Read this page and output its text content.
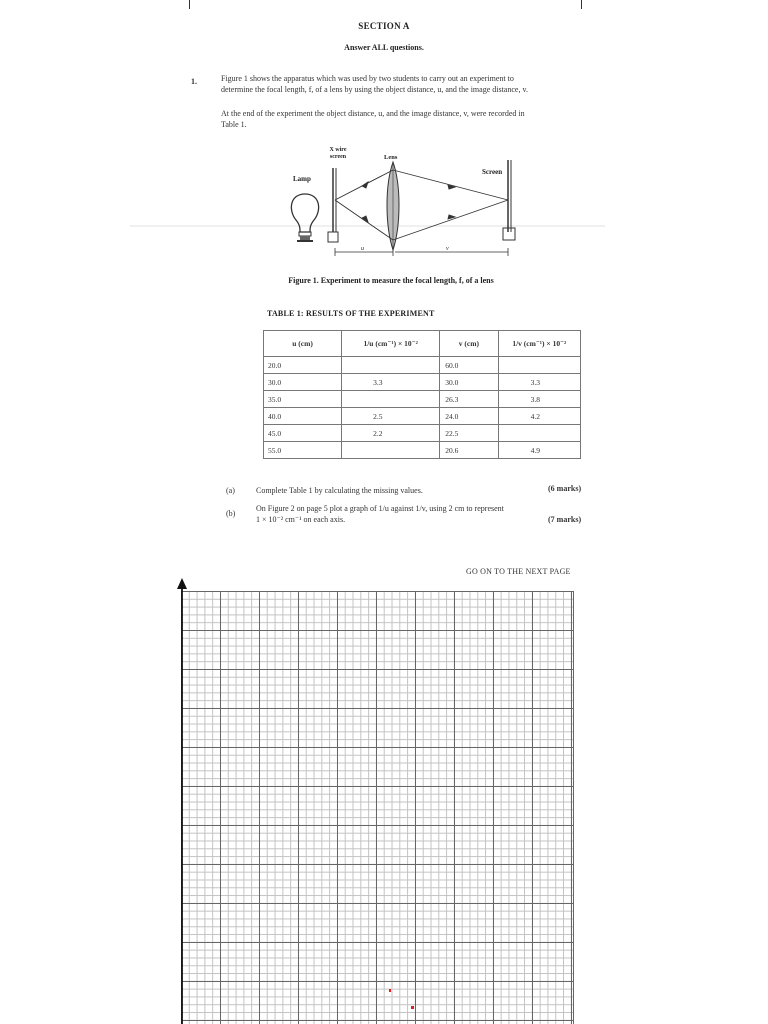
SECTION A
Answer ALL questions.
1.	Figure 1 shows the apparatus which was used by two students to carry out an experiment to
determine the focal length, f, of a lens by using the object distance, u, and the image distance, v.
At the end of the experiment the object distance, u, and the image distance, v, were recorded in
Table 1.
X wire
screen	Lens
Screen
Lamp
u	v
Figure 1. Experiment to measure the focal length, f, of a lens
TABLE 1: RESULTS OF THE EXPERIMENT
u (cm)	1/u (cm⁻¹) × 10⁻²	v (cm)	1/v (cm⁻¹) × 10⁻²
20.0		60.0	
30.0	3.3	30.0	3.3
35.0		26.3	3.8
40.0	2.5	24.0	4.2
45.0	2.2	22.5	
55.0		20.6	4.9
(a)	Complete Table 1 by calculating the missing values.	(6 marks)
(b)
On Figure 2 on page 5 plot a graph of 1/u against 1/v, using 2 cm to represent
1 × 10⁻² cm⁻¹ on each axis.	(7 marks)
GO ON TO THE NEXT PAGE
